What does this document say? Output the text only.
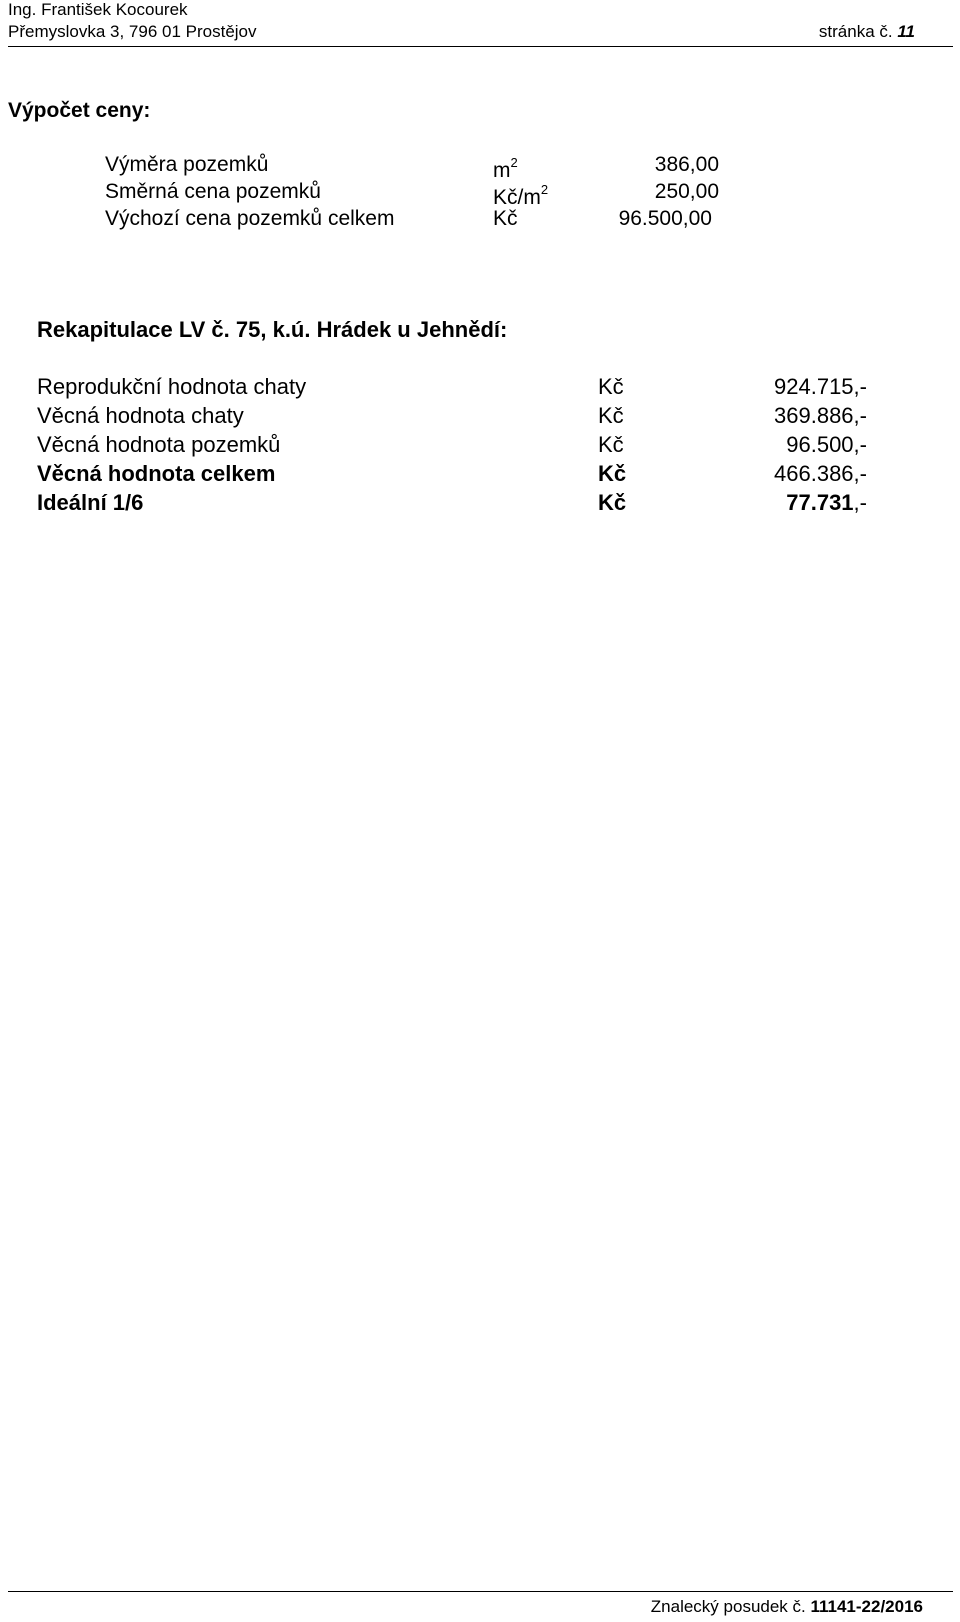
Ing. František Kocourek
Přemyslovka 3, 796 01 Prostějov	stránka č. 11
Výpočet ceny:
Výměra pozemků	$m^2$	386,00
Směrná cena pozemků	$Kč/m^2$	250,00
Výchozí cena pozemků celkem	Kč	96.500,00
Rekapitulace LV č. 75, k.ú. Hrádek u Jehnědí:
Reprodukční hodnota chaty	Kč	924.715,-
Věcná hodnota chaty	Kč	369.886,-
Věcná hodnota pozemků	Kč	96.500,-
Věcná hodnota celkem	Kč	466.386,-
Ideální 1/6	Kč	77.731,-
Znalecký posudek č. 11141-22/2016
